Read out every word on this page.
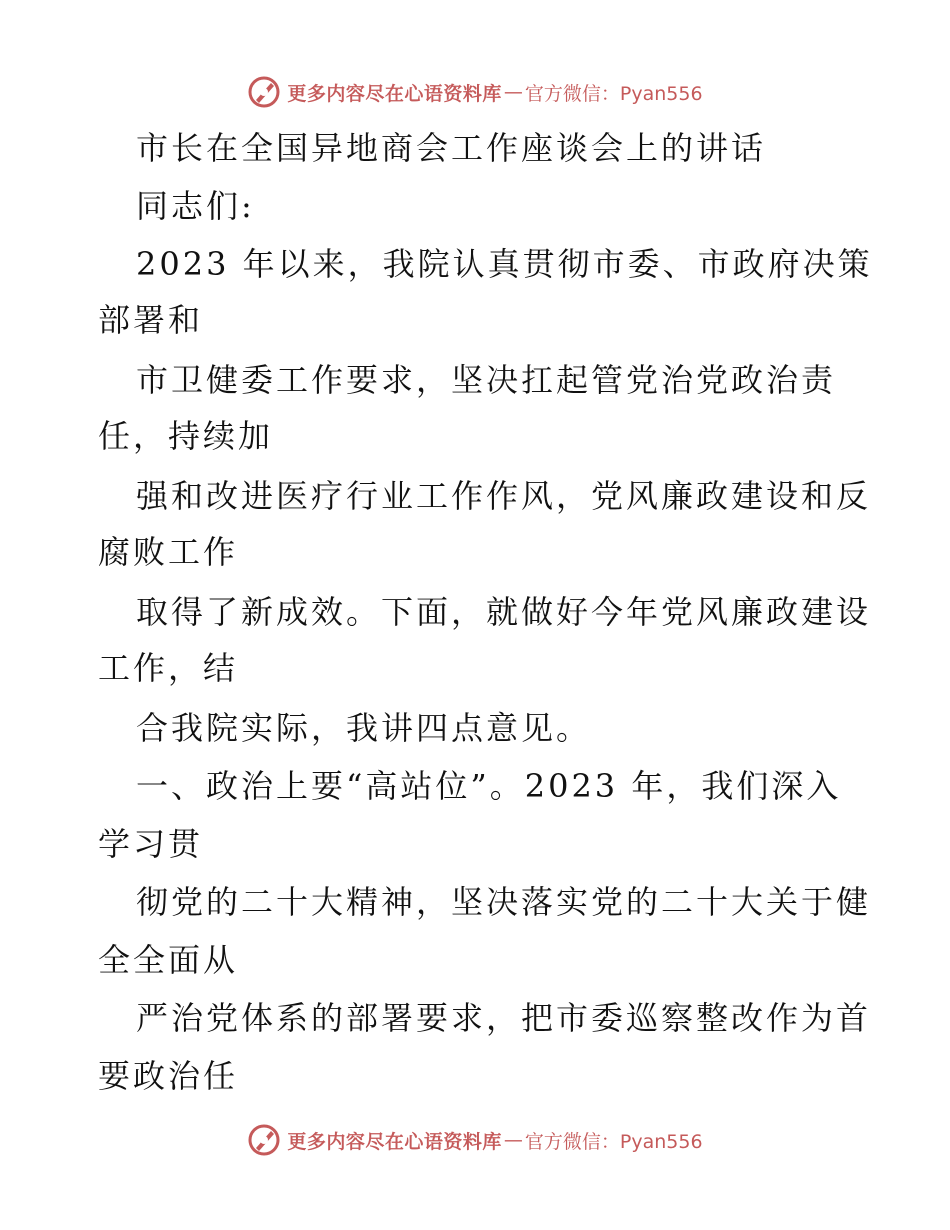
更多内容尽在心语资料库 — 官方微信：Pyan556
市长在全国异地商会工作座谈会上的讲话
同志们:
2023 年以来，我院认真贯彻市委、市政府决策
部署和
市卫健委工作要求，坚决扛起管党治党政治责
任，持续加
强和改进医疗行业工作作风，党风廉政建设和反
腐败工作
取得了新成效。下面，就做好今年党风廉政建设
工作，结
合我院实际，我讲四点意见。
一、政治上要“高站位”。2023 年，我们深入
学习贯
彻党的二十大精神，坚决落实党的二十大关于健
全全面从
严治党体系的部署要求，把市委巡察整改作为首
要政治任
更多内容尽在心语资料库 — 官方微信：Pyan556
